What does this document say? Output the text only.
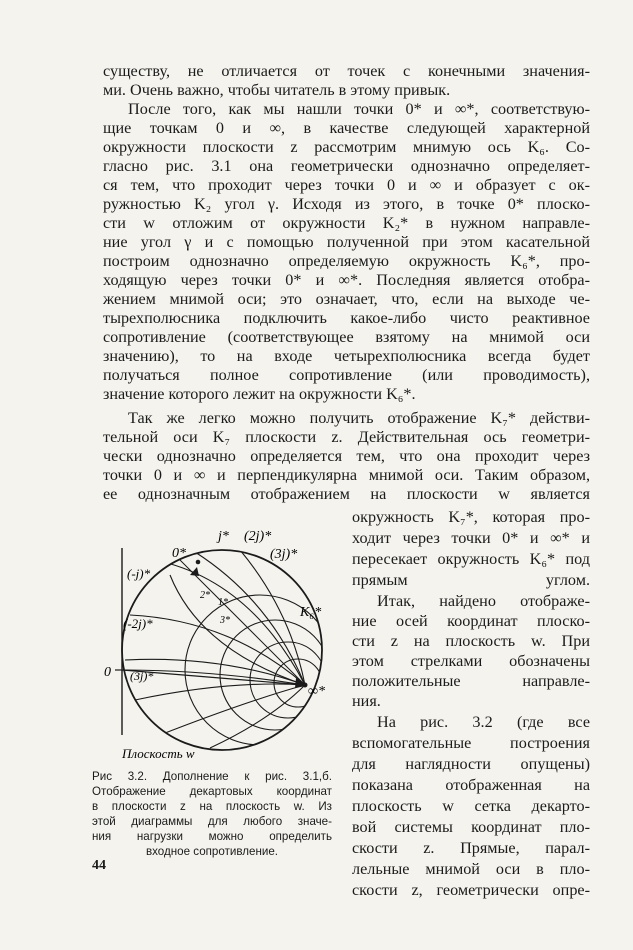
существу, не отличается от точек с конечными значения-
ми. Очень важно, чтобы читатель в этому привык.
После того, как мы нашли точки 0* и ∞*, соответствую-
щие точкам 0 и ∞, в качестве следующей характерной
окружности плоскости z рассмотрим мнимую ось K₆. Со-
гласно рис. 3.1 она геометрически однозначно определяет-
ся тем, что проходит через точки 0 и ∞ и образует с ок-
ружностью K₂ угол γ. Исходя из этого, в точке 0* плоско-
сти w отложим от окружности K₂* в нужном направле-
ние угол γ и с помощью полученной при этом касательной
построим однозначно определяемую окружность K₆*, про-
ходящую через точки 0* и ∞*. Последняя является отобра-
жением мнимой оси; это означает, что, если на выходе че-
тырехполюсника подключить какое-либо чисто реактивное
сопротивление (соответствующее взятому на мнимой оси
значению), то на входе четырехполюсника всегда будет
получаться полное сопротивление (или проводимость),
значение которого лежит на окружности K₆*.
Так же легко можно получить отображение K₇* действи-
тельной оси K₇ плоскости z. Действительная ось геометри-
чески однозначно определяется тем, что она проходит через
точки 0 и ∞ и перпендикулярна мнимой оси. Таким образом,
ее однозначным отображением на плоскости w является
окружность K₇*, которая про-
ходит через точки 0* и ∞* и
пересекает окружность K₆* под
прямым углом.
Итак, найдено отображе-
ние осей координат плоско-
сти z на плоскость w. При
этом стрелками обозначены
положительные направле-
ния.
На рис. 3.2 (где все
вспомогательные построения
для наглядности опущены)
показана отображенная на
плоскость w сетка декарто-
вой системы координат пло-
скости z. Прямые, парал-
лельные мнимой оси в пло-
скости z, геометрически опре-
0*
j* (2j)*
(3j)*
(-j)*
(-2j)*
(3j)*
K₆*
∞*
1*
2*
3*
0
Плоскость w
Рис 3.2. Дополнение к рис. 3.1,б.
Отображение декартовых координат
в плоскости z на плоскость w. Из
этой диаграммы для любого значе-
ния нагрузки можно определить
входное сопротивление.
44
